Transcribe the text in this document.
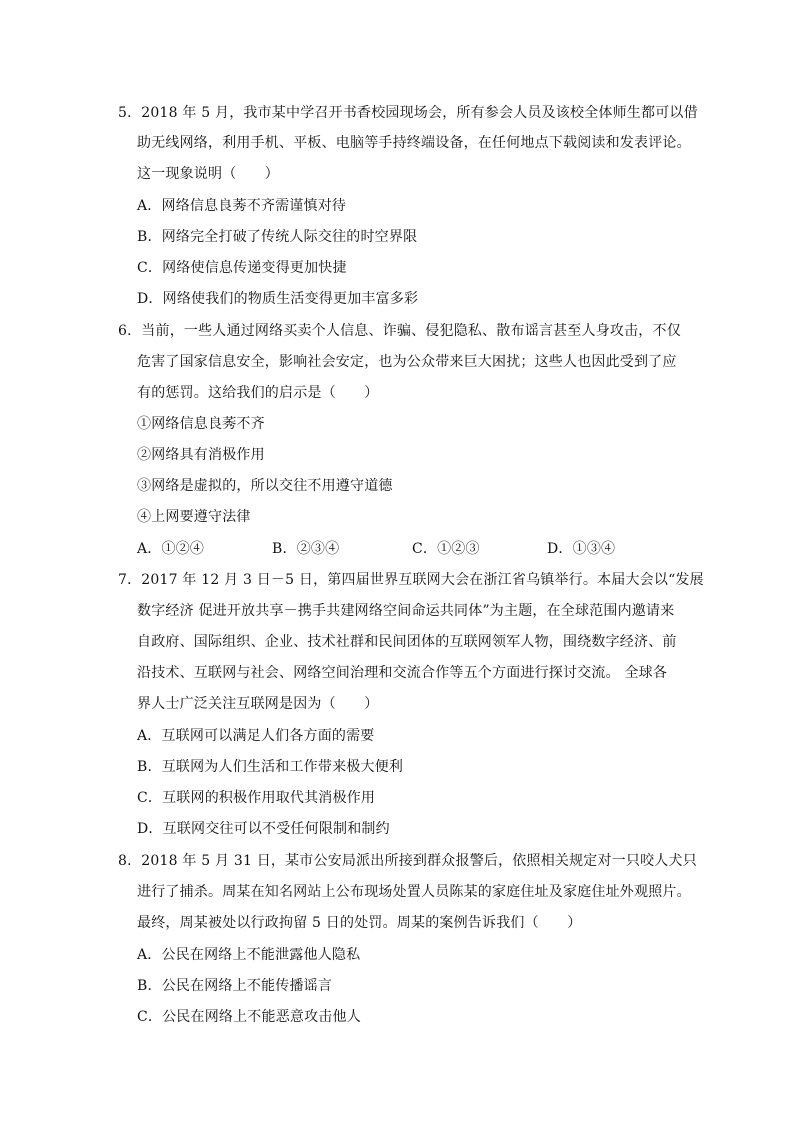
5．2018 年 5 月，我市某中学召开书香校园现场会，所有参会人员及该校全体师生都可以借
助无线网络，利用手机、平板、电脑等手持终端设备，在任何地点下载阅读和发表评论。
这一现象说明（　　）
A．网络信息良莠不齐需谨慎对待
B．网络完全打破了传统人际交往的时空界限
C．网络使信息传递变得更加快捷
D．网络使我们的物质生活变得更加丰富多彩
6．当前，一些人通过网络买卖个人信息、诈骗、侵犯隐私、散布谣言甚至人身攻击，不仅
危害了国家信息安全，影响社会安定，也为公众带来巨大困扰；这些人也因此受到了应
有的惩罚。这给我们的启示是（　　）
①网络信息良莠不齐
②网络具有消极作用
③网络是虚拟的，所以交往不用遵守道德
④上网要遵守法律
A．①②④	B．②③④	C．①②③	D．①③④
7．2017 年 12 月 3 日－5 日，第四届世界互联网大会在浙江省乌镇举行。本届大会以“发展
数字经济 促进开放共享－携手共建网络空间命运共同体”为主题，在全球范围内邀请来
自政府、国际组织、企业、技术社群和民间团体的互联网领军人物，围绕数字经济、前
沿技术、互联网与社会、网络空间治理和交流合作等五个方面进行探讨交流。 全球各
界人士广泛关注互联网是因为（　　）
A．互联网可以满足人们各方面的需要
B．互联网为人们生活和工作带来极大便利
C．互联网的积极作用取代其消极作用
D．互联网交往可以不受任何限制和制约
8．2018 年 5 月 31 日，某市公安局派出所接到群众报警后，依照相关规定对一只咬人犬只
进行了捕杀。周某在知名网站上公布现场处置人员陈某的家庭住址及家庭住址外观照片。
最终，周某被处以行政拘留 5 日的处罚。周某的案例告诉我们（　　）
A．公民在网络上不能泄露他人隐私
B．公民在网络上不能传播谣言
C．公民在网络上不能恶意攻击他人
